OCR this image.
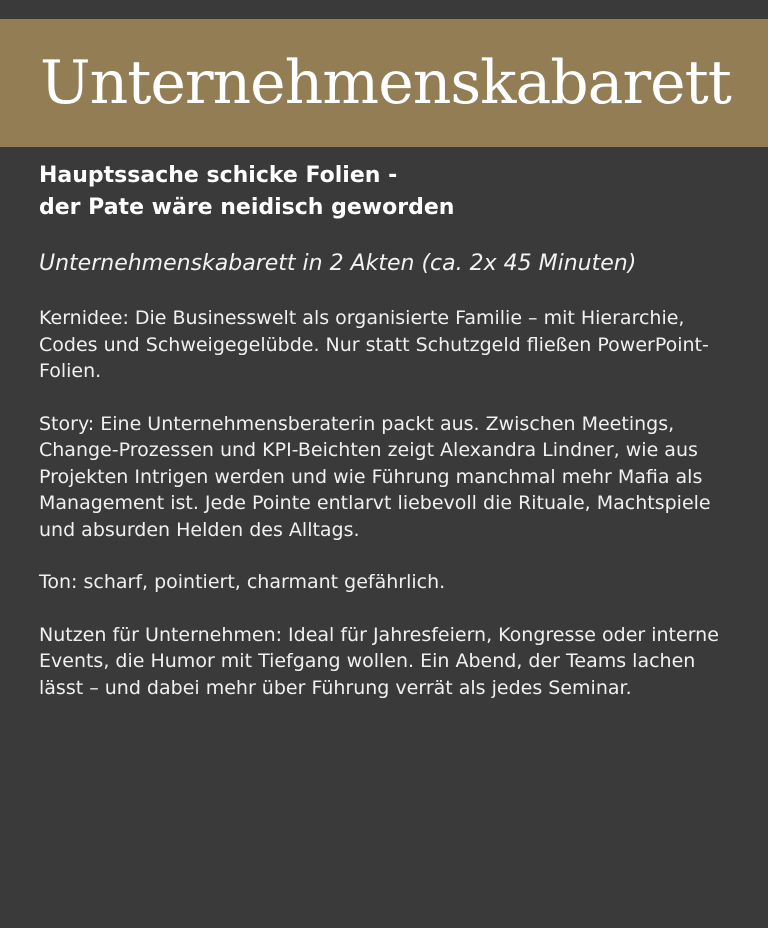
Unternehmenskabarett
Hauptssache schicke Folien -
der Pate wäre neidisch geworden

Unternehmenskabarett in 2 Akten (ca. 2x 45 Minuten)

Kernidee: Die Businesswelt als organisierte Familie – mit Hierarchie, Codes und Schweigegelübde. Nur statt Schutzgeld fließen PowerPoint-Folien.

Story: Eine Unternehmensberaterin packt aus. Zwischen Meetings, Change-Prozessen und KPI-Beichten zeigt Alexandra Lindner, wie aus Projekten Intrigen werden und wie Führung manchmal mehr Mafia als Management ist. Jede Pointe entlarvt liebevoll die Rituale, Machtspiele und absurden Helden des Alltags.

Ton: scharf, pointiert, charmant gefährlich.

Nutzen für Unternehmen: Ideal für Jahresfeiern, Kongresse oder interne Events, die Humor mit Tiefgang wollen. Ein Abend, der Teams lachen lässt – und dabei mehr über Führung verrät als jedes Seminar.
